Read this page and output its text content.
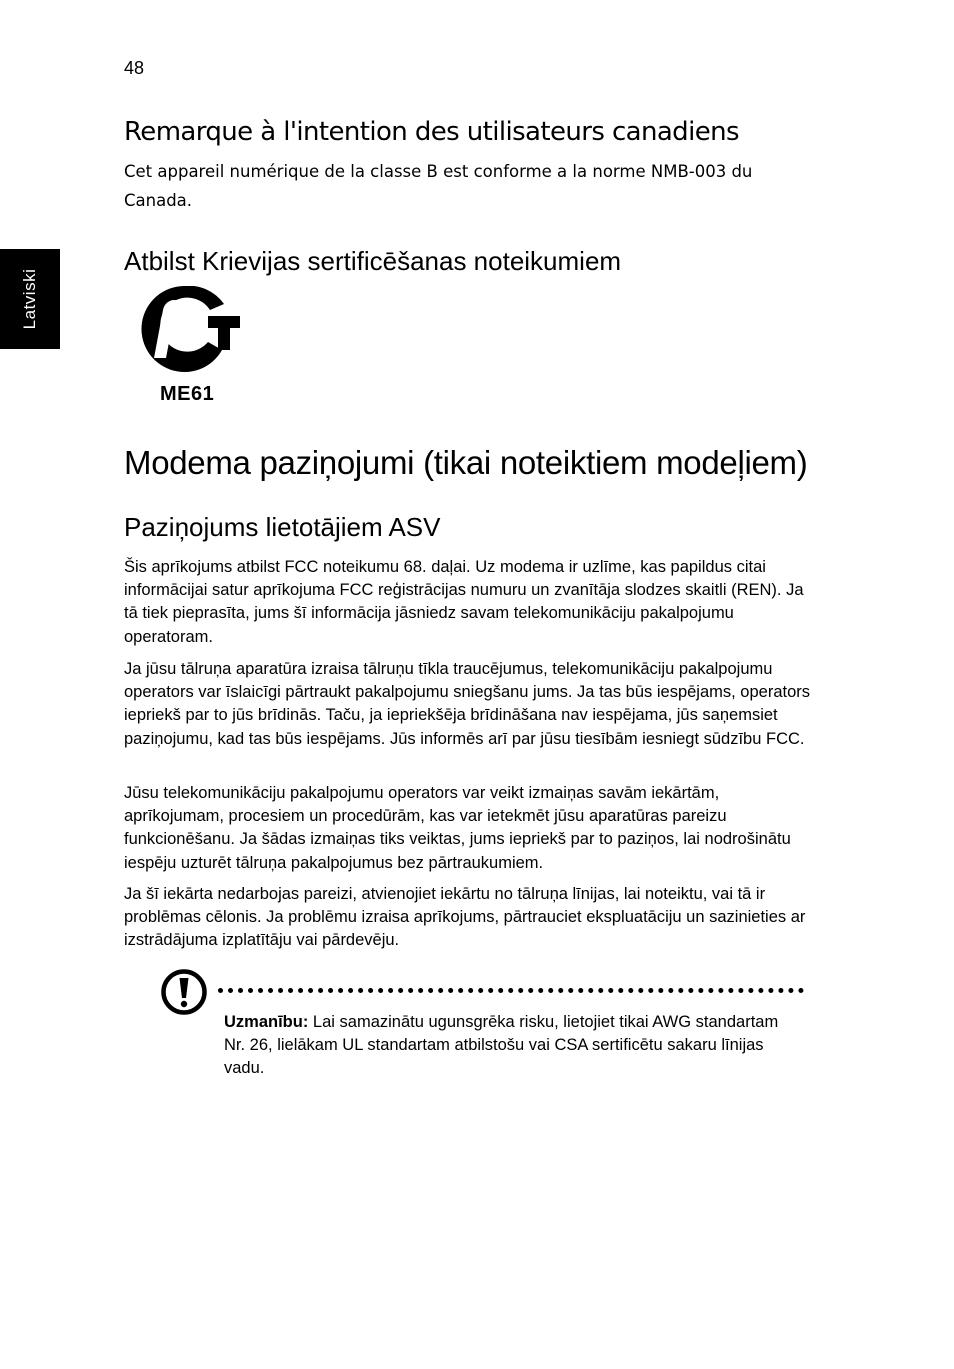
48
Latviski
Remarque à l'intention des utilisateurs canadiens

Cet appareil numérique de la classe B est conforme a la norme NMB-003 du Canada.

Atbilst Krievijas sertificēšanas noteikumiem
ME61
Modema paziņojumi (tikai noteiktiem modeļiem)
Paziņojums lietotājiem ASV

Šis aprīkojums atbilst FCC noteikumu 68. daļai. Uz modema ir uzlīme, kas papildus citai informācijai satur aprīkojuma FCC reģistrācijas numuru un zvanītāja slodzes skaitli (REN). Ja tā tiek pieprasīta, jums šī informācija jāsniedz savam telekomunikāciju pakalpojumu operatoram.

Ja jūsu tālruņa aparatūra izraisa tālruņu tīkla traucējumus, telekomunikāciju pakalpojumu operators var īslaicīgi pārtraukt pakalpojumu sniegšanu jums. Ja tas būs iespējams, operators iepriekš par to jūs brīdinās. Taču, ja iepriekšēja brīdināšana nav iespējama, jūs saņemsiet paziņojumu, kad tas būs iespējams. Jūs informēs arī par jūsu tiesībām iesniegt sūdzību FCC.

Jūsu telekomunikāciju pakalpojumu operators var veikt izmaiņas savām iekārtām, aprīkojumam, procesiem un procedūrām, kas var ietekmēt jūsu aparatūras pareizu funkcionēšanu. Ja šādas izmaiņas tiks veiktas, jums iepriekš par to paziņos, lai nodrošinātu iespēju uzturēt tālruņa pakalpojumus bez pārtraukumiem.

Ja šī iekārta nedarbojas pareizi, atvienojiet iekārtu no tālruņa līnijas, lai noteiktu, vai tā ir problēmas cēlonis. Ja problēmu izraisa aprīkojums, pārtrauciet ekspluatāciju un sazinieties ar izstrādājuma izplatītāju vai pārdevēju.

Uzmanību: Lai samazinātu ugunsgrēka risku, lietojiet tikai AWG standartam Nr. 26, lielākam UL standartam atbilstošu vai CSA sertificētu sakaru līnijas vadu.
